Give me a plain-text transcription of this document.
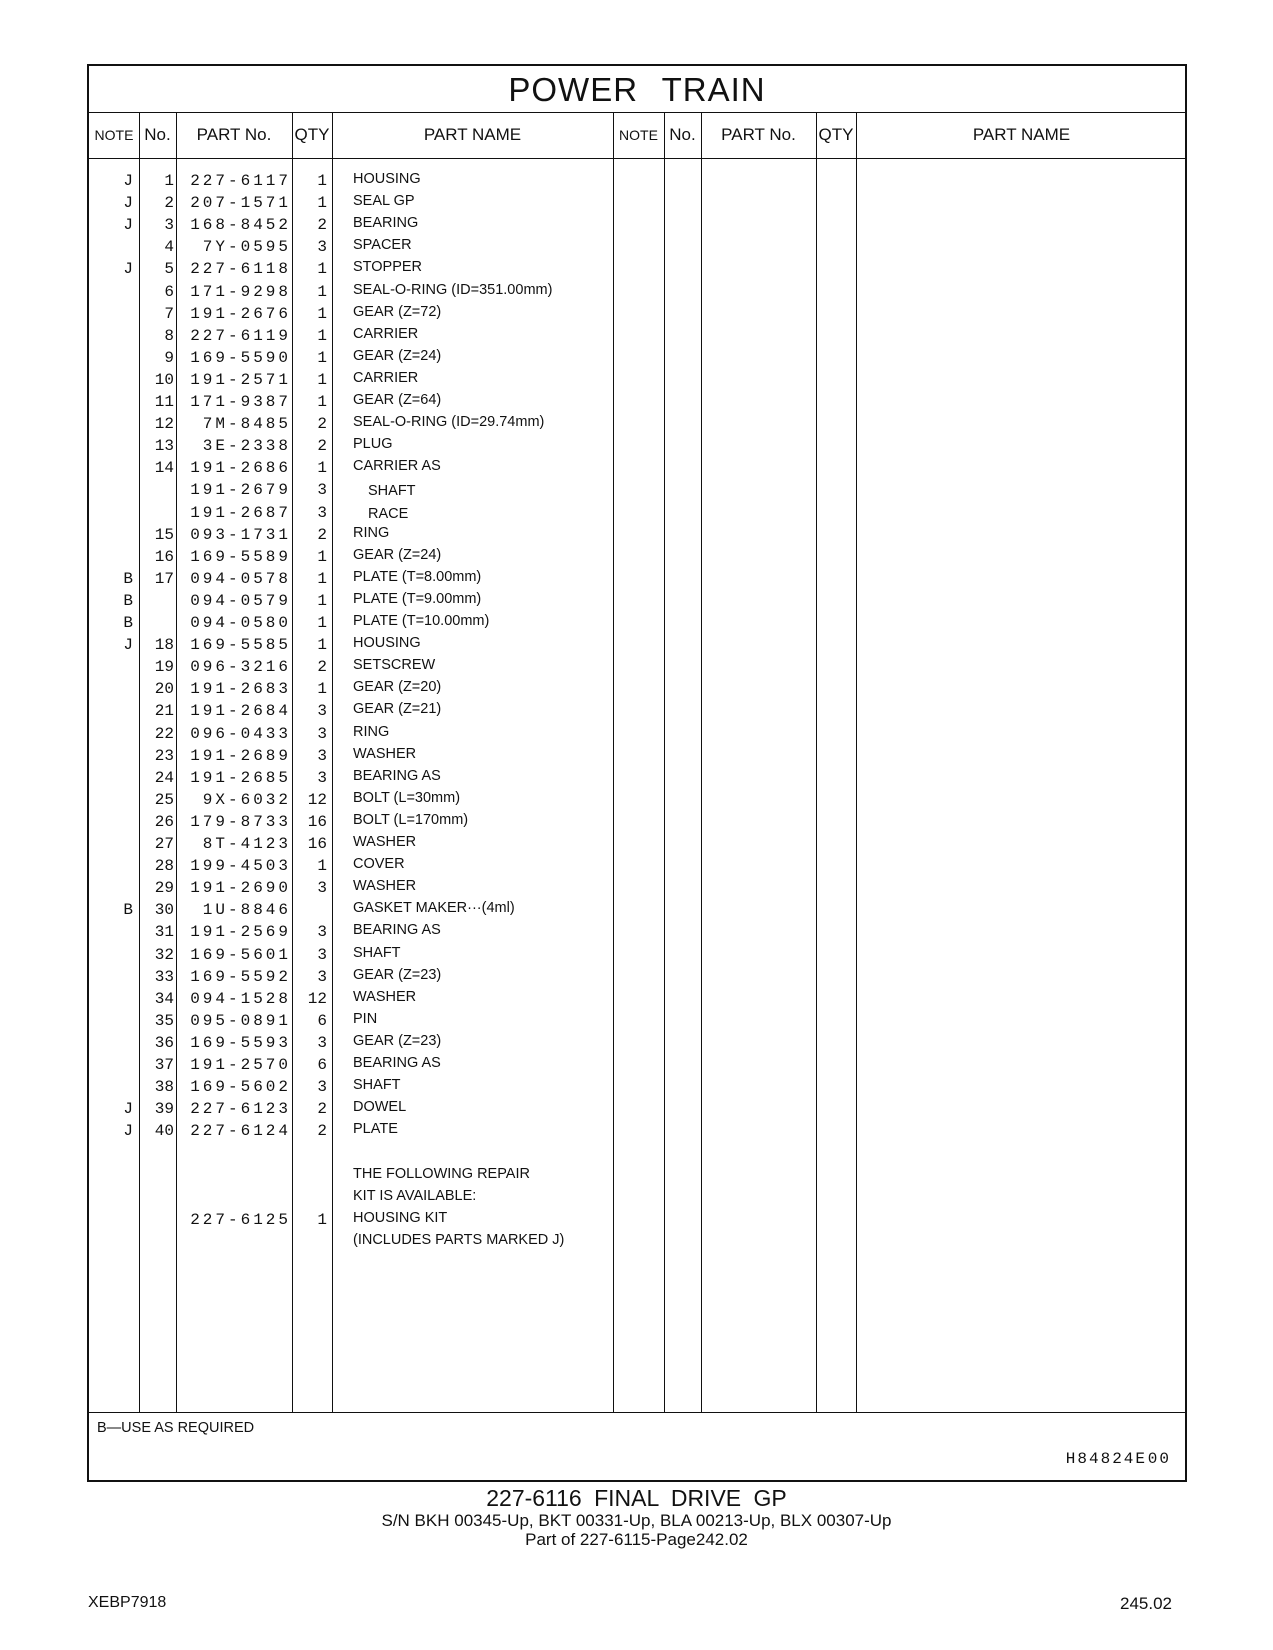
POWER TRAIN
NOTE No.	PART No.	QTY	PART NAME	NOTE No.	PART No.	QTY	PART NAME
J	1	227-6117	1 HOUSING
J	2	207-1571	1 SEAL GP
J	3	168-8452	2 BEARING
4	7Y-0595	3 SPACER
J	5	227-6118	1 STOPPER
6	171-9298	1 SEAL-O-RING (ID=351.00mm)
7	191-2676	1 GEAR (Z=72)
8	227-6119	1 CARRIER
9	169-5590	1 GEAR (Z=24)
10	191-2571	1 CARRIER
11	171-9387	1 GEAR (Z=64)
12	7M-8485	2 SEAL-O-RING (ID=29.74mm)
13	3E-2338	2 PLUG
14	191-2686	1 CARRIER AS
191-2679	3	SHAFT
191-2687	3	RACE
15	093-1731	2 RING
16	169-5589	1 GEAR (Z=24)
B	17	094-0578	1 PLATE (T=8.00mm)
B	094-0579	1 PLATE (T=9.00mm)
B	094-0580	1 PLATE (T=10.00mm)
J	18	169-5585	1 HOUSING
19	096-3216	2 SETSCREW
20	191-2683	1 GEAR (Z=20)
21	191-2684	3 GEAR (Z=21)
22	096-0433	3 RING
23	191-2689	3 WASHER
24	191-2685	3 BEARING AS
25	9X-6032 12 BOLT (L=30mm)
26	179-8733 16 BOLT (L=170mm)
27	8T-4123 16 WASHER
28	199-4503	1 COVER
29	191-2690	3 WASHER
B	30	1U-8846	GASKET MAKER···(4ml)
31	191-2569	3 BEARING AS
32	169-5601	3 SHAFT
33	169-5592	3 GEAR (Z=23)
34	094-1528 12 WASHER
35	095-0891	6 PIN
36	169-5593	3 GEAR (Z=23)
37	191-2570	6 BEARING AS
38	169-5602	3 SHAFT
J	39	227-6123	2 DOWEL
J	40	227-6124	2 PLATE
THE FOLLOWING REPAIR
KIT IS AVAILABLE:
227-6125	1 HOUSING KIT
(INCLUDES PARTS MARKED J)
B—USE AS REQUIRED
H84824E 00
227-6116 FINAL DRIVE GP
S/N BKH 00345-Up, BKT 00331-Up, BLA 00213-Up, BLX 00307-Up
Part of 227-6115-Page242.02
XEBP7918	245.02
